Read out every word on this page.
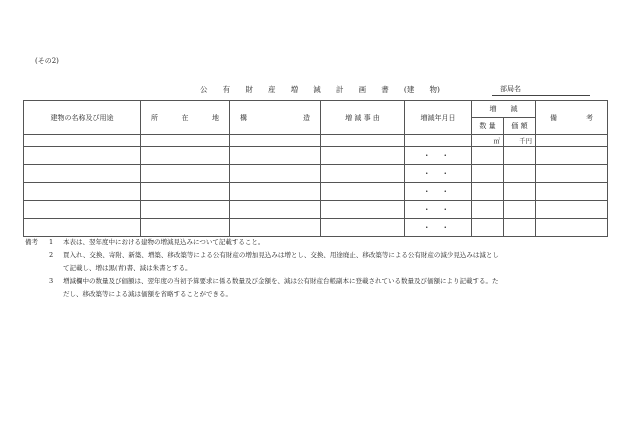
(その2)
公 有 財 産 増 減 計 画 書 (建 物)	部局名
建物の名称及び用途	所 在 地	構 造	増 減 事 由	増減年月日	増　　減		備 考

					数 量	価 額	
					㎡	千円	
				・ ・			
				・ ・			
				・ ・			
				・ ・			
				・ ・			
備考	1	本表は、翌年度中における建物の増減見込みについて記載すること。
2	買入れ、交換、寄附、新築、増築、移改築等による公有財産の増加見込みは増とし、交換、用途廃止、移改築等による公有財産の減少見込みは減とし
て記載し、増は黒(青)書、減は朱書とする。
3	増減欄中の数量及び価額は、翌年度の当初予算要求に係る数量及び金額を、減は公有財産台帳副本に登載されている数量及び価額により記載する。た
だし、移改築等による減は価額を省略することができる。
